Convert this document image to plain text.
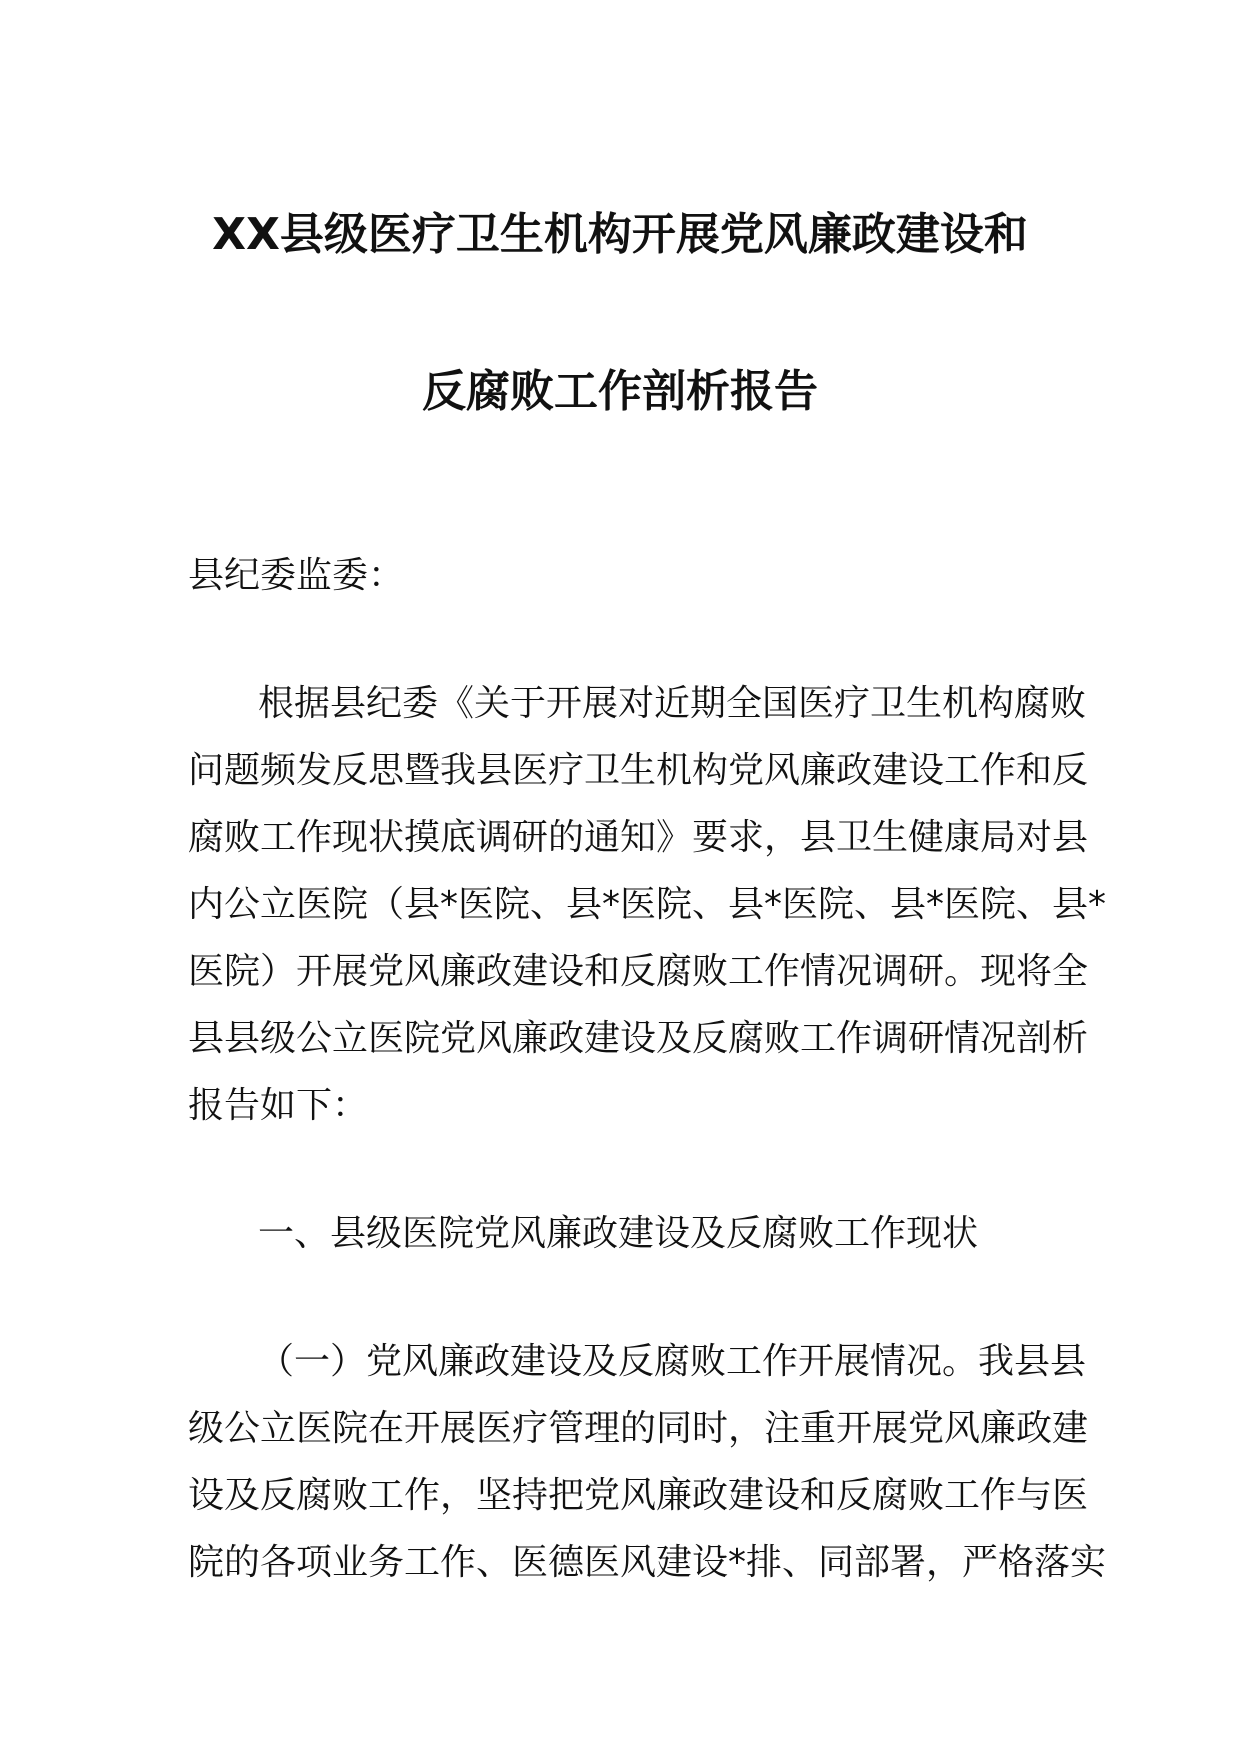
XX县级医疗卫生机构开展党风廉政建设和
反腐败工作剖析报告
县纪委监委：
根据县纪委《关于开展对近期全国医疗卫生机构腐败
问题频发反思暨我县医疗卫生机构党风廉政建设工作和反
腐败工作现状摸底调研的通知》要求，县卫生健康局对县
内公立医院（县*医院、县*医院、县*医院、县*医院、县*
医院）开展党风廉政建设和反腐败工作情况调研。现将全
县县级公立医院党风廉政建设及反腐败工作调研情况剖析
报告如下：
一、县级医院党风廉政建设及反腐败工作现状
（一）党风廉政建设及反腐败工作开展情况。我县县
级公立医院在开展医疗管理的同时，注重开展党风廉政建
设及反腐败工作，坚持把党风廉政建设和反腐败工作与医
院的各项业务工作、医德医风建设*排、同部署，严格落实
